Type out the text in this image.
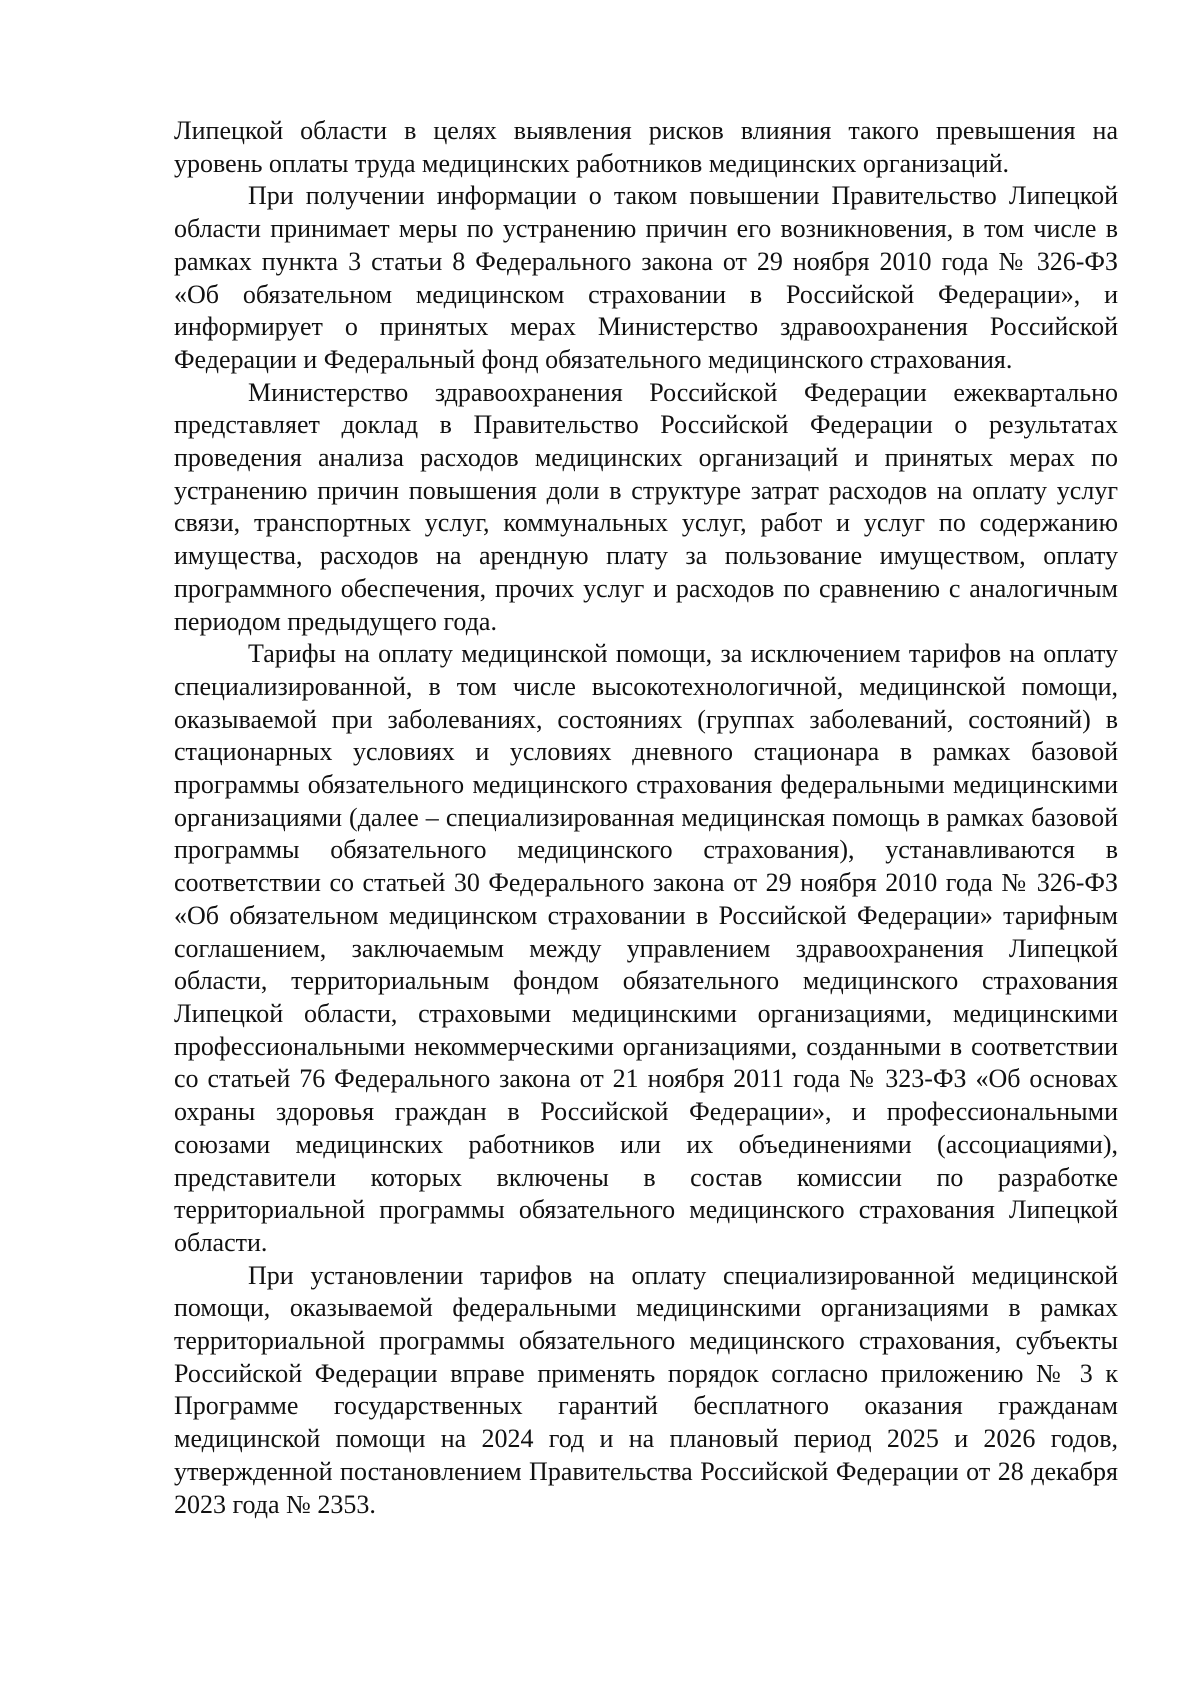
Липецкой области в целях выявления рисков влияния такого превышения на уровень оплаты труда медицинских работников медицинских организаций.

При получении информации о таком повышении Правительство Липецкой области принимает меры по устранению причин его возникновения, в том числе в рамках пункта 3 статьи 8 Федерального закона от 29 ноября 2010 года № 326-ФЗ «Об обязательном медицинском страховании в Российской Федерации», и информирует о принятых мерах Министерство здравоохранения Российской Федерации и Федеральный фонд обязательного медицинского страхования.

Министерство здравоохранения Российской Федерации ежеквартально представляет доклад в Правительство Российской Федерации о результатах проведения анализа расходов медицинских организаций и принятых мерах по устранению причин повышения доли в структуре затрат расходов на оплату услуг связи, транспортных услуг, коммунальных услуг, работ и услуг по содержанию имущества, расходов на арендную плату за пользование имуществом, оплату программного обеспечения, прочих услуг и расходов по сравнению с аналогичным периодом предыдущего года.

Тарифы на оплату медицинской помощи, за исключением тарифов на оплату специализированной, в том числе высокотехнологичной, медицинской помощи, оказываемой при заболеваниях, состояниях (группах заболеваний, состояний) в стационарных условиях и условиях дневного стационара в рамках базовой программы обязательного медицинского страхования федеральными медицинскими организациями (далее – специализированная медицинская помощь в рамках базовой программы обязательного медицинского страхования), устанавливаются в соответствии со статьей 30 Федерального закона от 29 ноября 2010 года № 326-ФЗ «Об обязательном медицинском страховании в Российской Федерации» тарифным соглашением, заключаемым между управлением здравоохранения Липецкой области, территориальным фондом обязательного медицинского страхования Липецкой области, страховыми медицинскими организациями, медицинскими профессиональными некоммерческими организациями, созданными в соответствии со статьей 76 Федерального закона от 21 ноября 2011 года № 323-ФЗ «Об основах охраны здоровья граждан в Российской Федерации», и профессиональными союзами медицинских работников или их объединениями (ассоциациями), представители которых включены в состав комиссии по разработке территориальной программы обязательного медицинского страхования Липецкой области.

При установлении тарифов на оплату специализированной медицинской помощи, оказываемой федеральными медицинскими организациями в рамках территориальной программы обязательного медицинского страхования, субъекты Российской Федерации вправе применять порядок согласно приложению № 3 к Программе государственных гарантий бесплатного оказания гражданам медицинской помощи на 2024 год и на плановый период 2025 и 2026 годов, утвержденной постановлением Правительства Российской Федерации от 28 декабря 2023 года № 2353.
